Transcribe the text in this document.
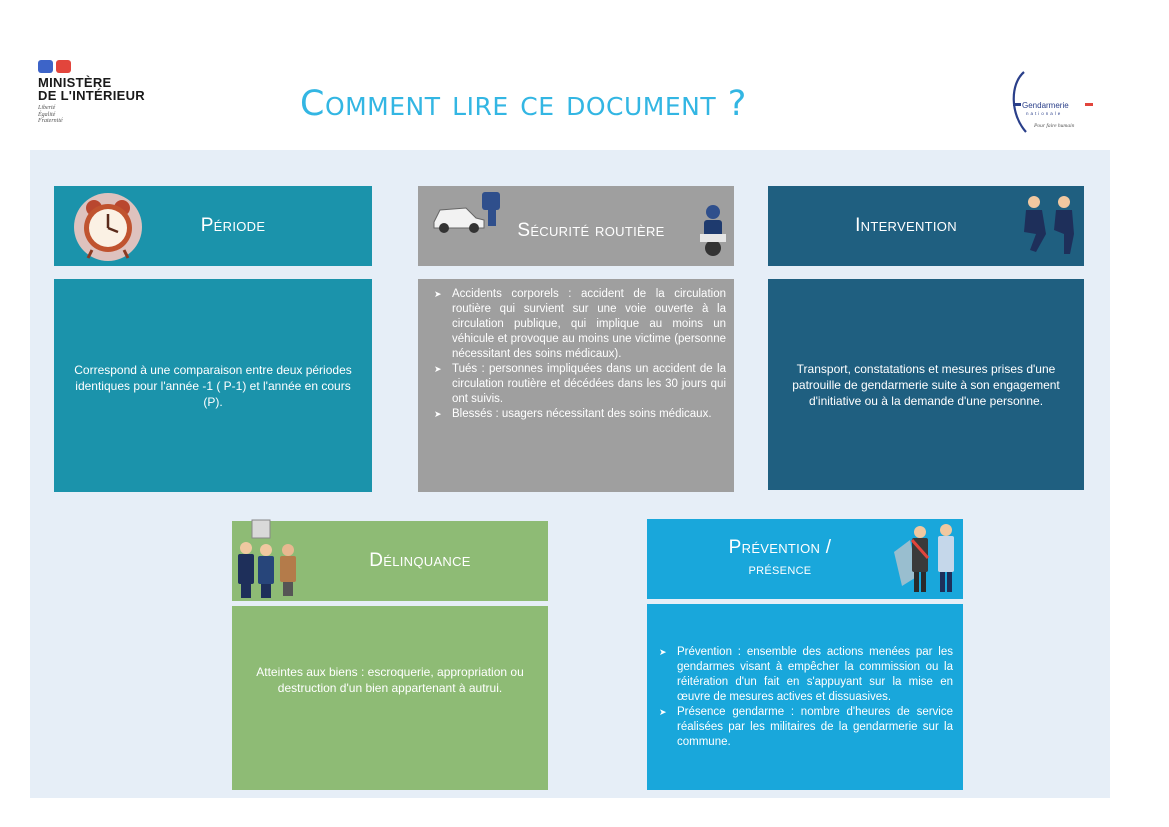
MINISTÈRE
DE L'INTÉRIEUR
Liberté
Égalité
Fraternité	Comment lire ce document ?	Gendarmerie
nationale
Pour faire humain
Période

Correspond à une comparaison entre deux périodes identiques pour l'année -1 ( P-1) et l'année en cours (P).

Sécurité routière
➤ Accidents corporels : accident de la circulation routière qui survient sur une voie ouverte à la circulation publique, qui implique au moins un véhicule et provoque au moins une victime (personne nécessitant des soins médicaux).
➤ Tués : personnes impliquées dans un accident de la circulation routière et décédées dans les 30 jours qui ont suivis.
➤ Blessés : usagers nécessitant des soins médicaux.
Intervention

Transport, constatations et mesures prises d'une patrouille de gendarmerie suite à son engagement d'initiative ou à la demande d'une personne.

Délinquance

Atteintes aux biens : escroquerie, appropriation ou destruction d'un bien appartenant à autrui.

Prévention /
présence
➤ Prévention : ensemble des actions menées par les gendarmes visant à empêcher la commission ou la réitération d'un fait en s'appuyant sur la mise en œuvre de mesures actives et dissuasives.
➤ Présence gendarme : nombre d'heures de service réalisées par les militaires de la gendarmerie sur la commune.
